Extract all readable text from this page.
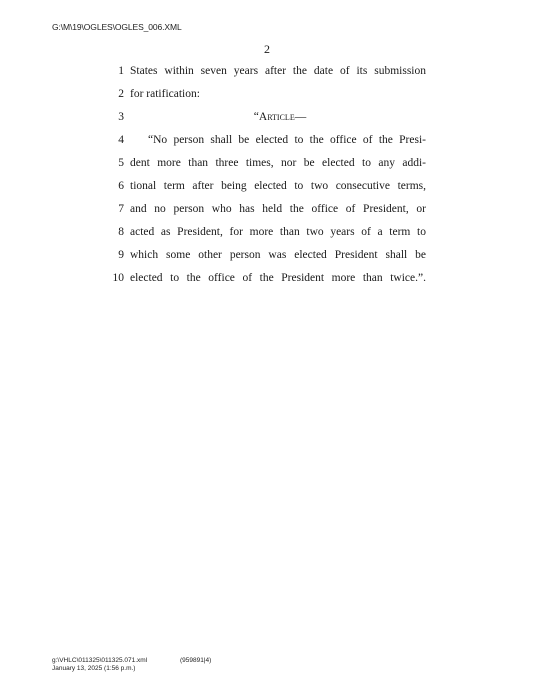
G:\M\19\OGLES\OGLES_006.XML
2
1 States within seven years after the date of its submission
2 for ratification:
3	“Article—
4 “No person shall be elected to the office of the Presi-
5 dent more than three times, nor be elected to any addi-
6 tional term after being elected to two consecutive terms,
7 and no person who has held the office of President, or
8 acted as President, for more than two years of a term to
9 which some other person was elected President shall be
10 elected to the office of the President more than twice.”.
g:\VHLC\011325\011325.071.xml
January 13, 2025 (1:56 p.m.)
(959891|4)
